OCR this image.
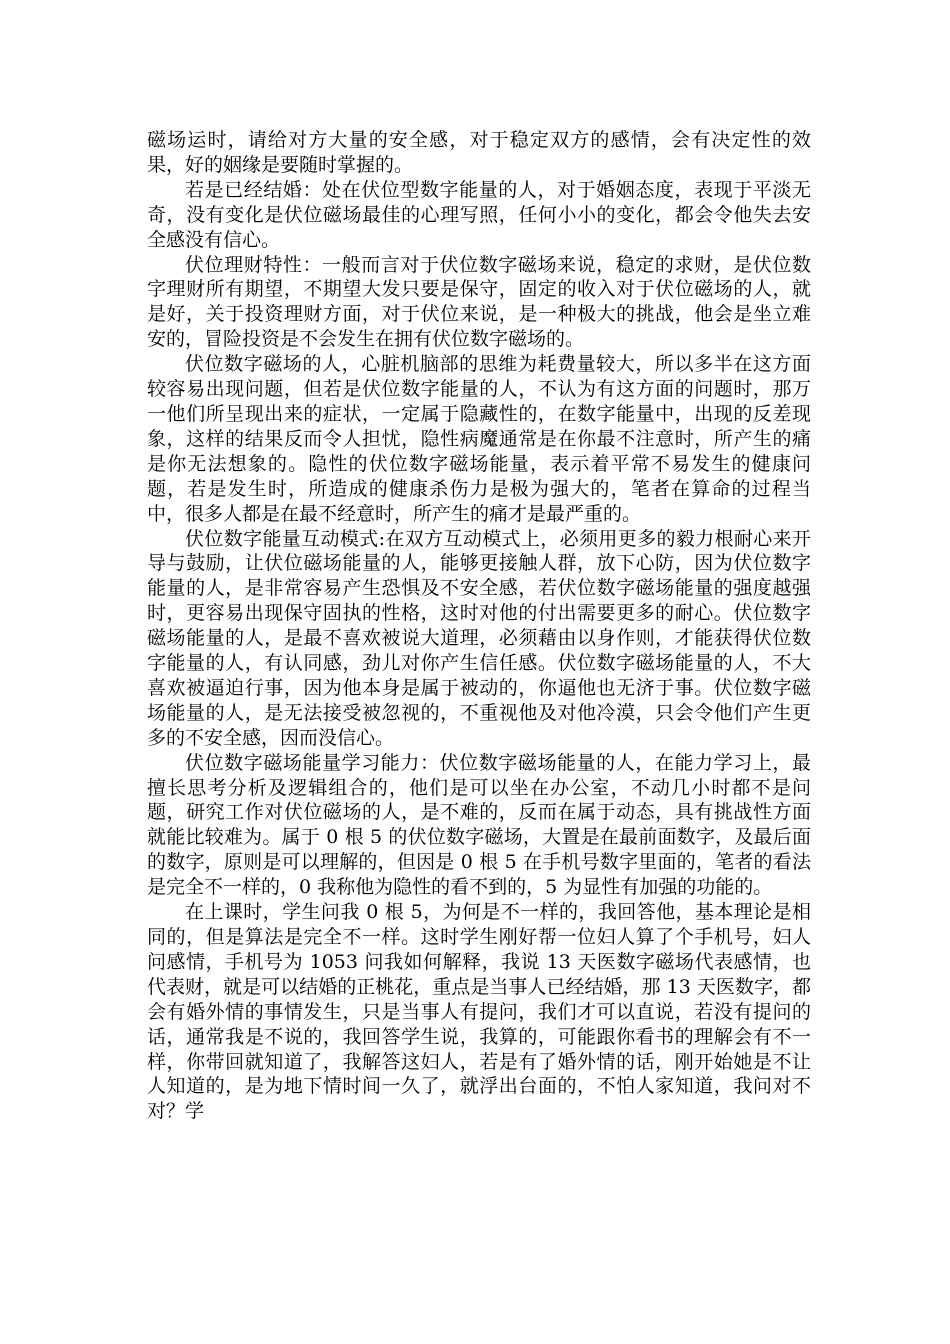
磁场运时，请给对方大量的安全感，对于稳定双方的感情，会有决定性的效果，好的姻缘是要随时掌握的。

若是已经结婚：处在伏位型数字能量的人，对于婚姻态度，表现于平淡无奇，没有变化是伏位磁场最佳的心理写照，任何小小的变化，都会令他失去安全感没有信心。

伏位理财特性：一般而言对于伏位数字磁场来说，稳定的求财，是伏位数字理财所有期望，不期望大发只要是保守，固定的收入对于伏位磁场的人，就是好，关于投资理财方面，对于伏位来说，是一种极大的挑战，他会是坐立难安的，冒险投资是不会发生在拥有伏位数字磁场的。

伏位数字磁场的人，心脏机脑部的思维为耗费量较大，所以多半在这方面较容易出现问题，但若是伏位数字能量的人，不认为有这方面的问题时，那万一他们所呈现出来的症状，一定属于隐藏性的，在数字能量中，出现的反差现象，这样的结果反而令人担忧，隐性病魔通常是在你最不注意时，所产生的痛是你无法想象的。隐性的伏位数字磁场能量，表示着平常不易发生的健康问题，若是发生时，所造成的健康杀伤力是极为强大的，笔者在算命的过程当中，很多人都是在最不经意时，所产生的痛才是最严重的。

伏位数字能量互动模式:在双方互动模式上，必须用更多的毅力根耐心来开导与鼓励，让伏位磁场能量的人，能够更接触人群，放下心防，因为伏位数字能量的人，是非常容易产生恐惧及不安全感，若伏位数字磁场能量的强度越强时，更容易出现保守固执的性格，这时对他的付出需要更多的耐心。伏位数字磁场能量的人，是最不喜欢被说大道理，必须藉由以身作则，才能获得伏位数字能量的人，有认同感，劲儿对你产生信任感。伏位数字磁场能量的人，不大喜欢被逼迫行事，因为他本身是属于被动的，你逼他也无济于事。伏位数字磁场能量的人，是无法接受被忽视的，不重视他及对他冷漠，只会令他们产生更多的不安全感，因而没信心。

伏位数字磁场能量学习能力：伏位数字磁场能量的人，在能力学习上，最擅长思考分析及逻辑组合的，他们是可以坐在办公室，不动几小时都不是问题，研究工作对伏位磁场的人，是不难的，反而在属于动态，具有挑战性方面就能比较难为。属于 0 根 5 的伏位数字磁场，大置是在最前面数字，及最后面的数字，原则是可以理解的，但因是 0 根 5 在手机号数字里面的，笔者的看法是完全不一样的，0 我称他为隐性的看不到的，5 为显性有加强的功能的。

在上课时，学生问我 0 根 5，为何是不一样的，我回答他，基本理论是相同的，但是算法是完全不一样。这时学生刚好帮一位妇人算了个手机号，妇人问感情，手机号为 1053 问我如何解释，我说 13 天医数字磁场代表感情，也代表财，就是可以结婚的正桃花，重点是当事人已经结婚，那 13 天医数字，都会有婚外情的事情发生，只是当事人有提问，我们才可以直说，若没有提问的话，通常我是不说的，我回答学生说，我算的，可能跟你看书的理解会有不一样，你带回就知道了，我解答这妇人，若是有了婚外情的话，刚开始她是不让人知道的，是为地下情时间一久了，就浮出台面的，不怕人家知道，我问对不对？学
